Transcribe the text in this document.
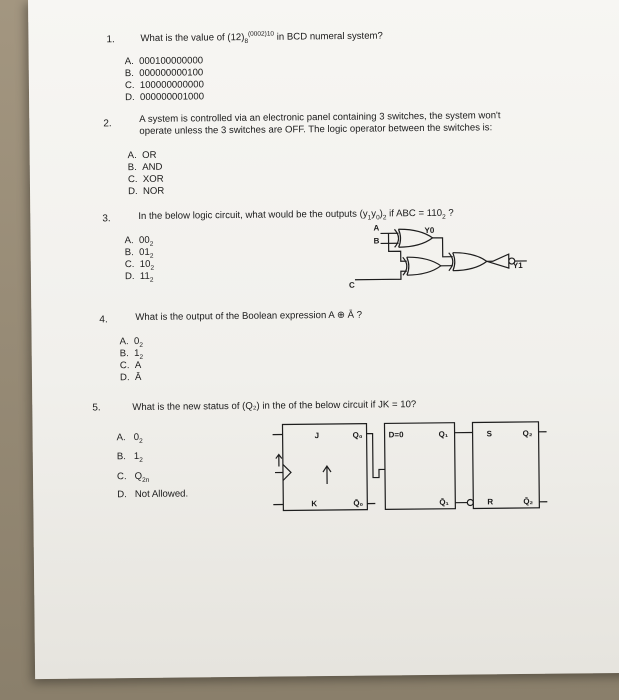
1.	What is the value of $(12)_8^{(0002)10}$ in BCD numeral system?
A. 000100000000
B. 000000000100
C. 100000000000
D. 000000001000
2.	A system is controlled via an electronic panel containing 3 switches, the system won't
operate unless the 3 switches are OFF. The logic operator between the switches is:
A. OR
B. AND
C. XOR
D. NOR
3.	In the below logic circuit, what would be the outputs $(y_1y_0)_2$ if ABC = $110_2$ ?
A. $00_2$
B. $01_2$
C. $10_2$
D. $11_2$
A
B
C
Y0
Y1
4.	What is the output of the Boolean expression A ⊕ Ā ?
A. $0_2$
B. $1_2$
C. A
D. Ā
5.	What is the new status of (Q₂) in the of the below circuit if JK = 10?
A. $0_2$
B. $1_2$
C. $Q_{2n}$
D. Not Allowed.
J
K
Q₀
Q̄₀
D=0	Q₁
Q̄₁
S
R
Q₂
Q̄₂
